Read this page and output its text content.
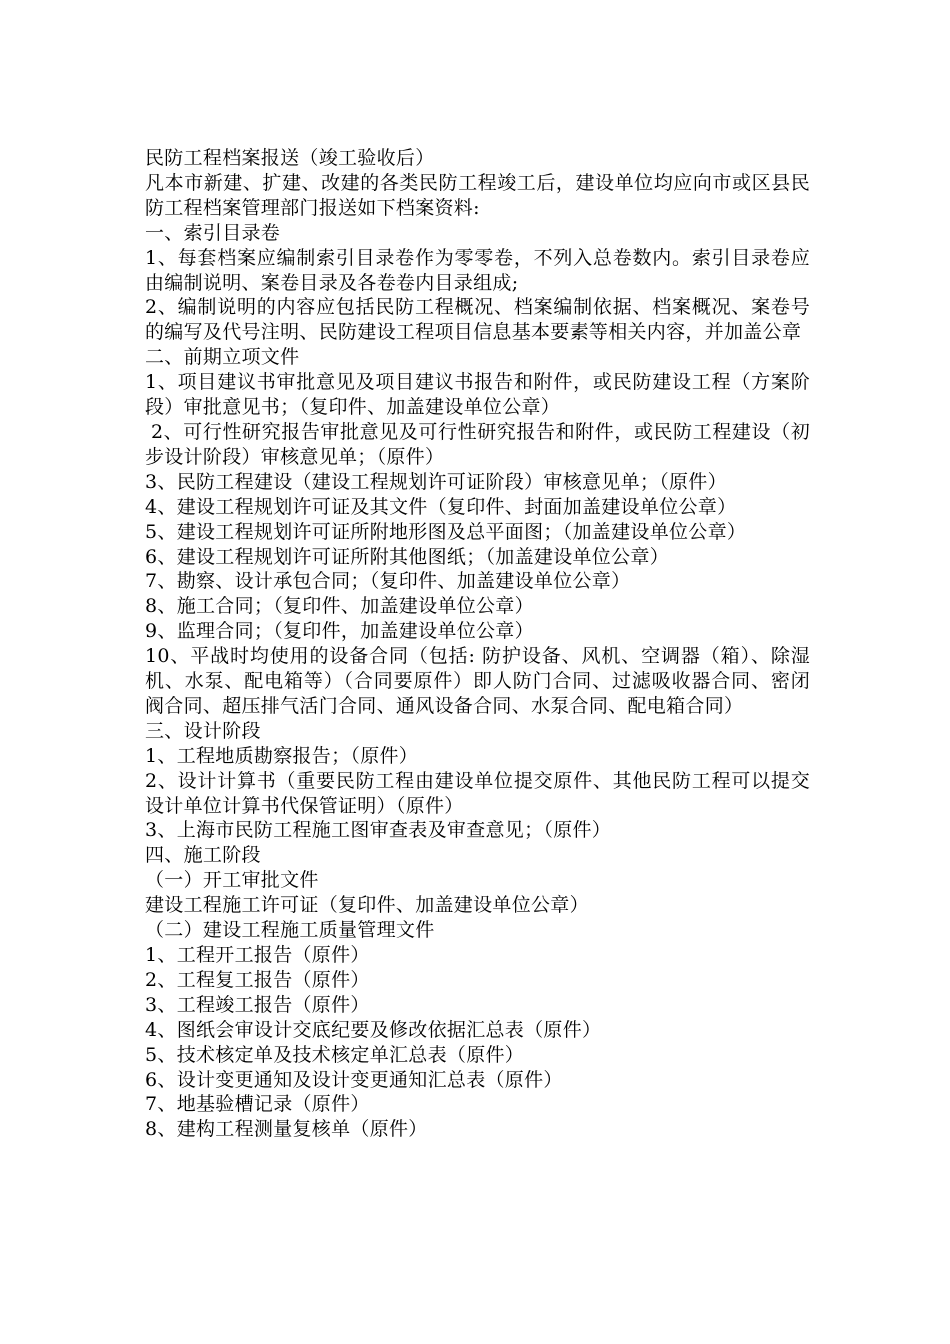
民防工程档案报送（竣工验收后）

凡本市新建、扩建、改建的各类民防工程竣工后，建设单位均应向市或区县民防工程档案管理部门报送如下档案资料:

一、索引目录卷

1、每套档案应编制索引目录卷作为零零卷，不列入总卷数内。索引目录卷应由编制说明、案卷目录及各卷卷内目录组成;

2、编制说明的内容应包括民防工程概况、档案编制依据、档案概况、案卷号的编写及代号注明、民防建设工程项目信息基本要素等相关内容，并加盖公章

二、前期立项文件

1、项目建议书审批意见及项目建议书报告和附件，或民防建设工程（方案阶段）审批意见书；（复印件、加盖建设单位公章）

2、可行性研究报告审批意见及可行性研究报告和附件，或民防工程建设（初步设计阶段）审核意见单；（原件）

3、民防工程建设（建设工程规划许可证阶段）审核意见单；（原件）

4、建设工程规划许可证及其文件（复印件、封面加盖建设单位公章）

5、建设工程规划许可证所附地形图及总平面图；（加盖建设单位公章）

6、建设工程规划许可证所附其他图纸；（加盖建设单位公章）

7、勘察、设计承包合同；（复印件、加盖建设单位公章）

8、施工合同；（复印件、加盖建设单位公章）

9、监理合同；（复印件，加盖建设单位公章）

10、平战时均使用的设备合同（包括: 防护设备、风机、空调器（箱）、除湿机、水泵、配电箱等）（合同要原件）即人防门合同、过滤吸收器合同、密闭阀合同、超压排气活门合同、通风设备合同、水泵合同、配电箱合同）

三、设计阶段

1、工程地质勘察报告；（原件）

2、设计计算书（重要民防工程由建设单位提交原件、其他民防工程可以提交设计单位计算书代保管证明）（原件）

3、上海市民防工程施工图审查表及审查意见；（原件）

四、施工阶段

（一）开工审批文件

建设工程施工许可证（复印件、加盖建设单位公章）

（二）建设工程施工质量管理文件

1、工程开工报告（原件）

2、工程复工报告（原件）

3、工程竣工报告（原件）

4、图纸会审设计交底纪要及修改依据汇总表（原件）

5、技术核定单及技术核定单汇总表（原件）

6、设计变更通知及设计变更通知汇总表（原件）

7、地基验槽记录（原件）

8、建构工程测量复核单（原件）
